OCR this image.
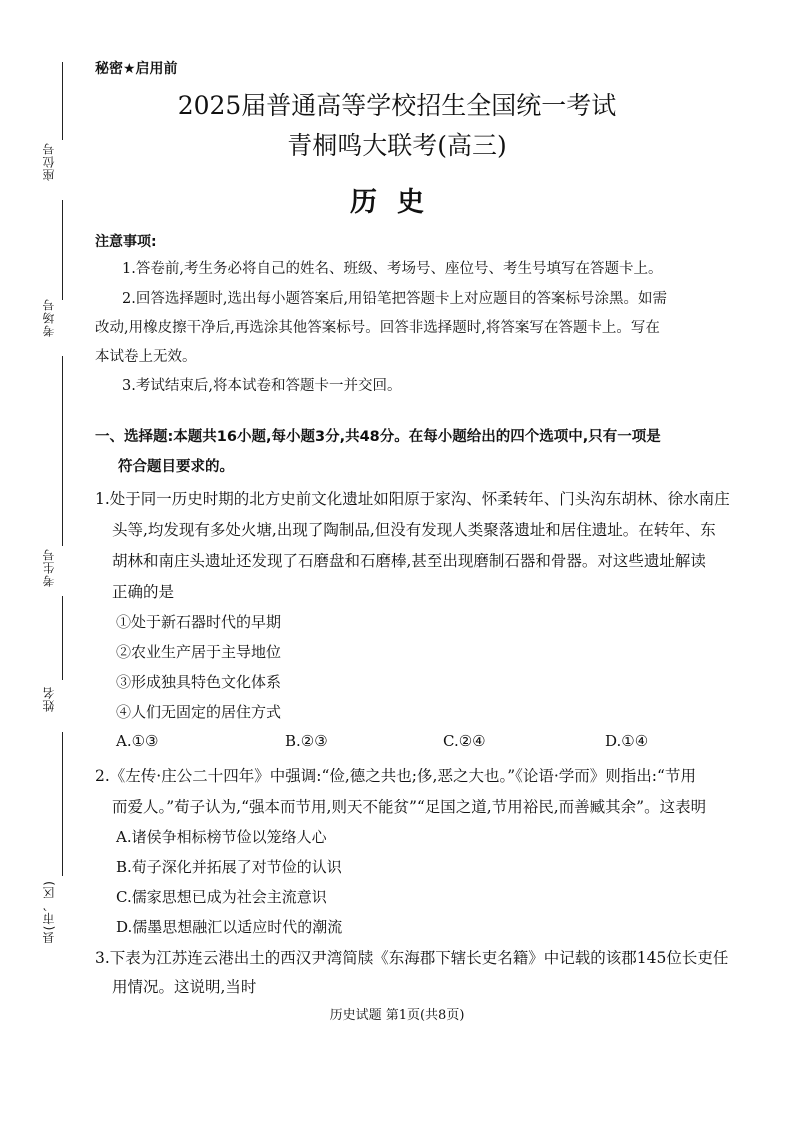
座位号
考场号
考生号
姓名
县(市、区)
秘密★启用前
2025届普通高等学校招生全国统一考试
青桐鸣大联考(高三)
历史
注意事项:
1.答卷前,考生务必将自己的姓名、班级、考场号、座位号、考生号填写在答题卡上。
2.回答选择题时,选出每小题答案后,用铅笔把答题卡上对应题目的答案标号涂黑。如需
改动,用橡皮擦干净后,再选涂其他答案标号。回答非选择题时,将答案写在答题卡上。写在
本试卷上无效。
3.考试结束后,将本试卷和答题卡一并交回。
一、选择题:本题共16小题,每小题3分,共48分。在每小题给出的四个选项中,只有一项是
符合题目要求的。
1.处于同一历史时期的北方史前文化遗址如阳原于家沟、怀柔转年、门头沟东胡林、徐水南庄
头等,均发现有多处火塘,出现了陶制品,但没有发现人类聚落遗址和居住遗址。在转年、东
胡林和南庄头遗址还发现了石磨盘和石磨棒,甚至出现磨制石器和骨器。对这些遗址解读
正确的是
①处于新石器时代的早期
②农业生产居于主导地位
③形成独具特色文化体系
④人们无固定的居住方式
A.①③	B.②③	C.②④	D.①④
2.《左传·庄公二十四年》中强调:“俭,德之共也;侈,恶之大也。”《论语·学而》则指出:“节用
而爱人。”荀子认为,“强本而节用,则天不能贫”“足国之道,节用裕民,而善臧其余”。这表明
A.诸侯争相标榜节俭以笼络人心
B.荀子深化并拓展了对节俭的认识
C.儒家思想已成为社会主流意识
D.儒墨思想融汇以适应时代的潮流
3.下表为江苏连云港出土的西汉尹湾简牍《东海郡下辖长吏名籍》中记载的该郡145位长吏任
用情况。这说明,当时
历史试题 第1页(共8页)
